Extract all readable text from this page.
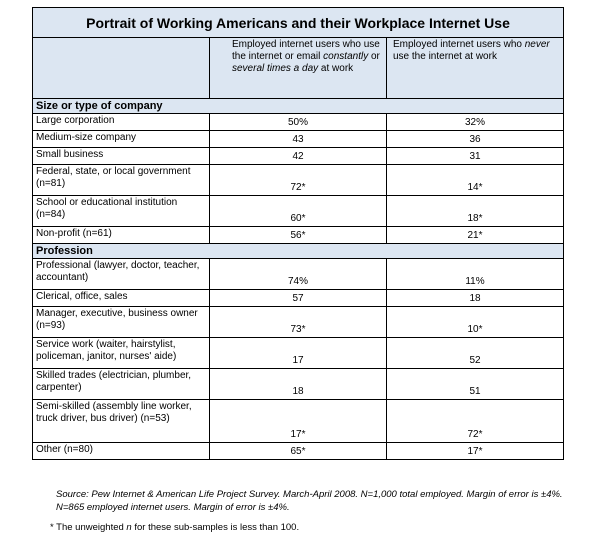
Portrait of Working Americans and their Workplace Internet Use		
	Employed internet users who use the internet or email constantly or several times a day at work	Employed internet users who never use the internet at work
Size or type of company		
Large corporation	50%	32%
Medium-size company	43	36
Small business	42	31
Federal, state, or local government (n=81)	72*	14*
School or educational institution (n=84)	60*	18*
Non-profit (n=61)	56*	21*
Profession		
Professional (lawyer, doctor, teacher, accountant)	74%	11%
Clerical, office, sales	57	18
Manager, executive, business owner (n=93)	73*	10*
Service work (waiter, hairstylist, policeman, janitor, nurses' aide)	17	52
Skilled trades (electrician, plumber, carpenter)	18	51
Semi-skilled (assembly line worker, truck driver, bus driver) (n=53)	17*	72*
Other (n=80)	65*	17*
Source: Pew Internet & American Life Project Survey. March-April 2008. N=1,000 total employed. Margin of error is ±4%. N=865 employed internet users. Margin of error is ±4%.
* The unweighted n for these sub-samples is less than 100.
